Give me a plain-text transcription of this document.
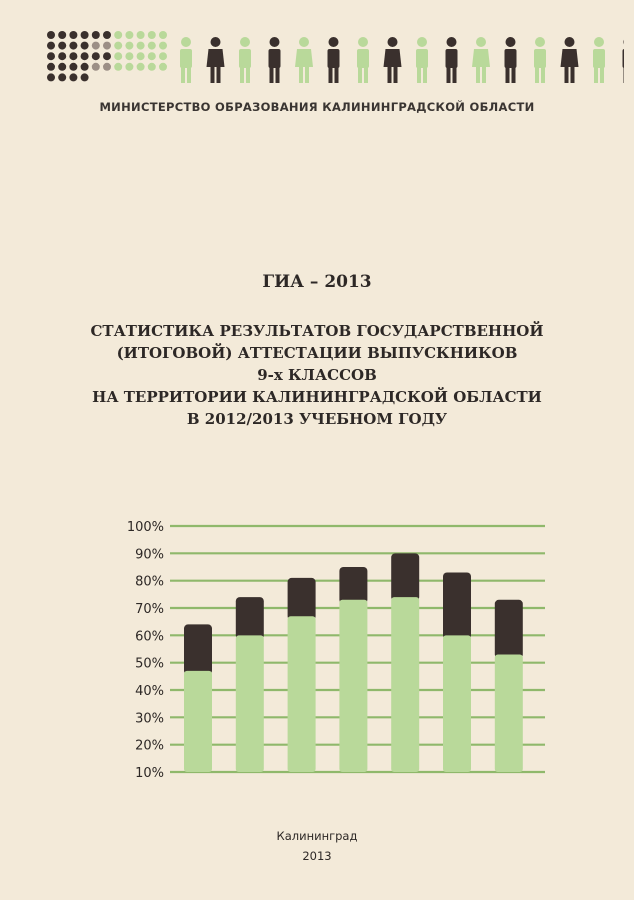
МИНИСТЕРСТВО ОБРАЗОВАНИЯ КАЛИНИНГРАДСКОЙ ОБЛАСТИ
ГИА – 2013
СТАТИСТИКА РЕЗУЛЬТАТОВ ГОСУДАРСТВЕННОЙ
(ИТОГОВОЙ) АТТЕСТАЦИИ ВЫПУСКНИКОВ
9-х КЛАССОВ
НА ТЕРРИТОРИИ КАЛИНИНГРАДСКОЙ ОБЛАСТИ
В 2012/2013 УЧЕБНОМ ГОДУ
100%
90%
80%
70%
60%
50%
40%
30%
20%
10%
Калининград
2013
